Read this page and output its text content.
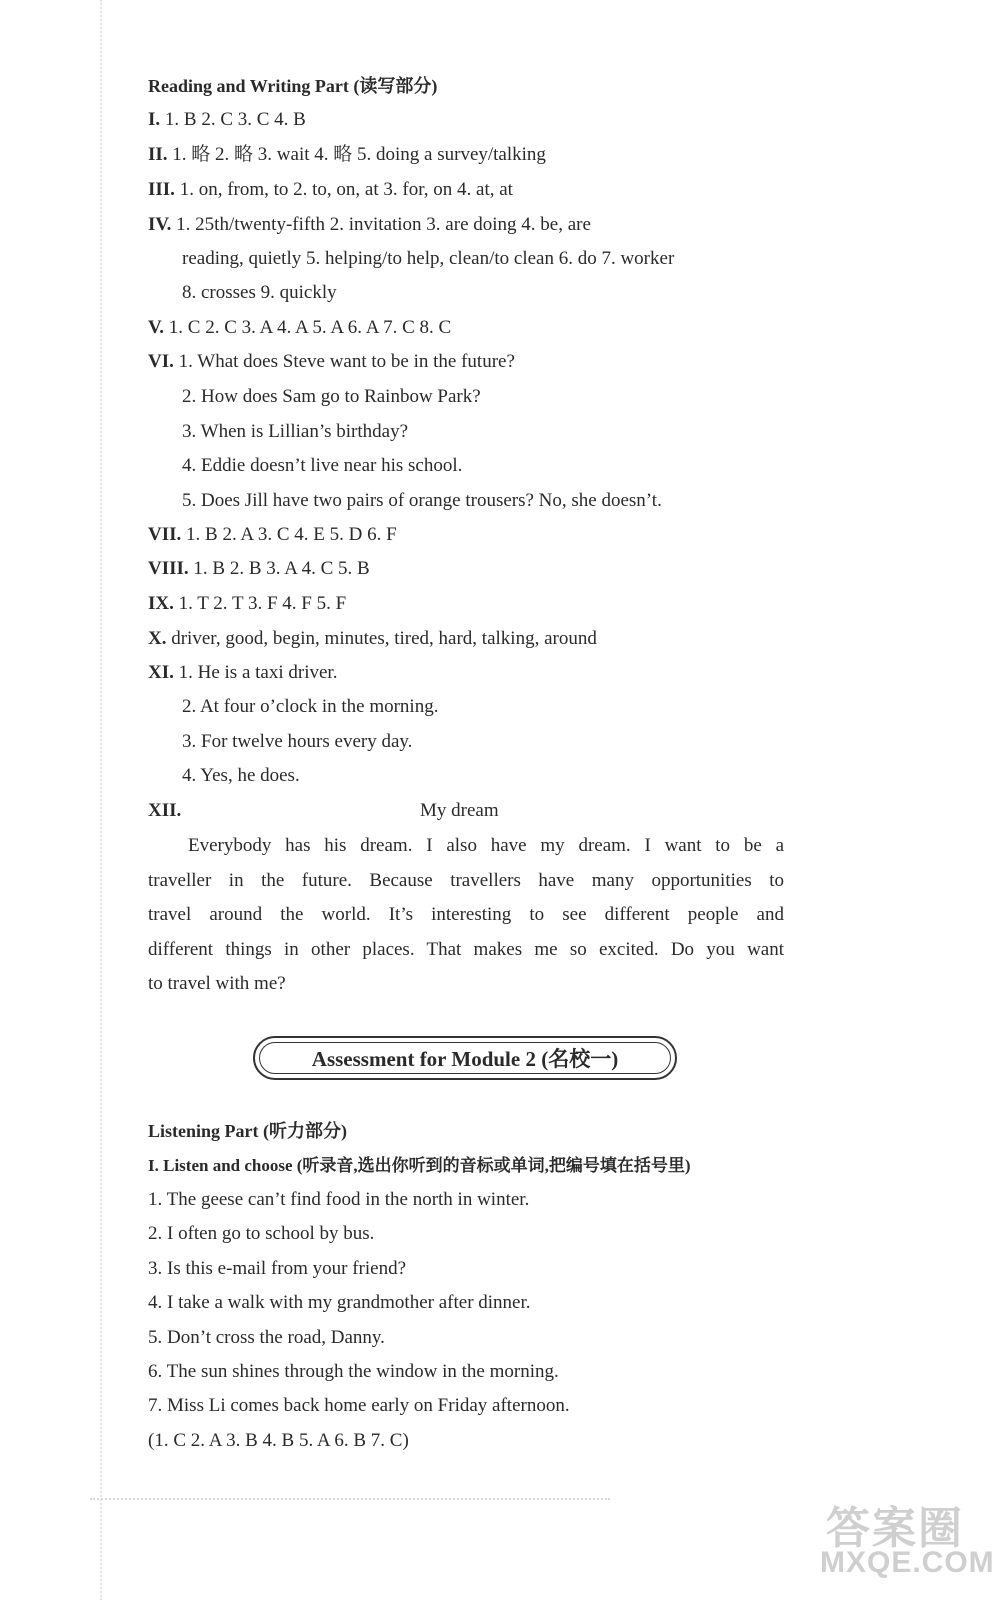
Reading and Writing Part (读写部分)
I. 1. B 2. C 3. C 4. B
II. 1. 略 2. 略 3. wait 4. 略 5. doing a survey/talking
III. 1. on, from, to 2. to, on, at 3. for, on 4. at, at
IV. 1. 25th/twenty-fifth 2. invitation 3. are doing 4. be, are
reading, quietly 5. helping/to help, clean/to clean 6. do 7. worker
8. crosses 9. quickly
V. 1. C 2. C 3. A 4. A 5. A 6. A 7. C 8. C
VI. 1. What does Steve want to be in the future?
2. How does Sam go to Rainbow Park?
3. When is Lillian’s birthday?
4. Eddie doesn’t live near his school.
5. Does Jill have two pairs of orange trousers? No, she doesn’t.
VII. 1. B 2. A 3. C 4. E 5. D 6. F
VIII. 1. B 2. B 3. A 4. C 5. B
IX. 1. T 2. T 3. F 4. F 5. F
X. driver, good, begin, minutes, tired, hard, talking, around
XI. 1. He is a taxi driver.
2. At four o’clock in the morning.
3. For twelve hours every day.
4. Yes, he does.
XII.	My dream
Everybody has his dream. I also have my dream. I want to be a
traveller in the future. Because travellers have many opportunities to
travel around the world. It’s interesting to see different people and
different things in other places. That makes me so excited. Do you want
to travel with me?
Assessment for Module 2 (名校一)
Listening Part (听力部分)
I. Listen and choose (听录音,选出你听到的音标或单词,把编号填在括号里)
1. The geese can’t find food in the north in winter.
2. I often go to school by bus.
3. Is this e-mail from your friend?
4. I take a walk with my grandmother after dinner.
5. Don’t cross the road, Danny.
6. The sun shines through the window in the morning.
7. Miss Li comes back home early on Friday afternoon.
(1. C 2. A 3. B 4. B 5. A 6. B 7. C)
答案圈
MXQE.COM
